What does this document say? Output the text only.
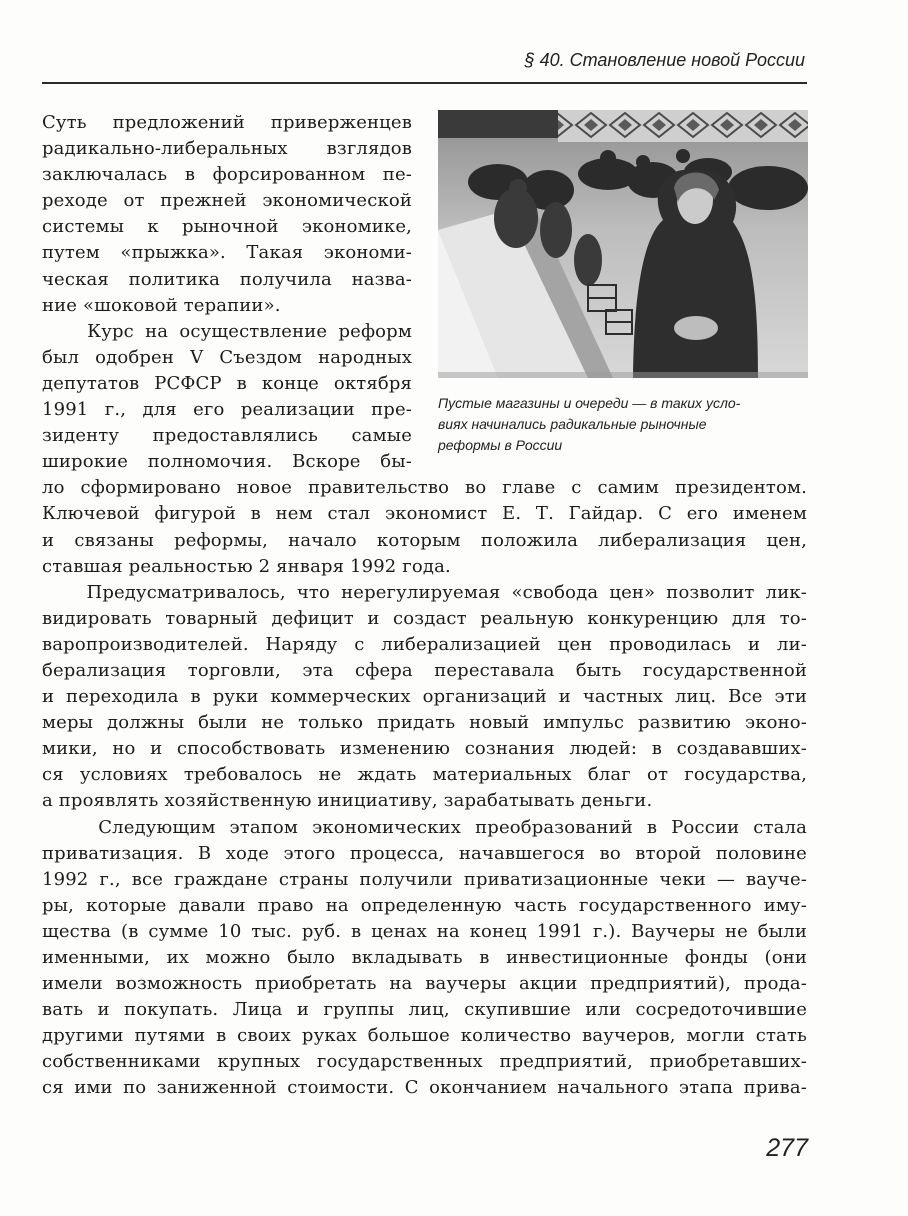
§ 40. Становление новой России
Пустые магазины и очереди — в таких усло-
виях начинались радикальные рыночные
реформы в России
Суть предложений приверженцев
радикально-либеральных взглядов
заключалась в форсированном пе-
реходе от прежней экономической
системы к рыночной экономике,
путем «прыжка». Такая экономи-
ческая политика получила назва-
ние «шоковой терапии».
Курс на осуществление реформ
был одобрен V Съездом народных
депутатов РСФСР в конце октября
1991 г., для его реализации пре-
зиденту предоставлялись самые
широкие полномочия. Вскоре бы-
ло сформировано новое правительство во главе с самим президентом.
Ключевой фигурой в нем стал экономист Е. Т. Гайдар. С его именем
и связаны реформы, начало которым положила либерализация цен,
ставшая реальностью 2 января 1992 года.
Предусматривалось, что нерегулируемая «свобода цен» позволит лик-
видировать товарный дефицит и создаст реальную конкуренцию для то-
варопроизводителей. Наряду с либерализацией цен проводилась и ли-
берализация торговли, эта сфера переставала быть государственной
и переходила в руки коммерческих организаций и частных лиц. Все эти
меры должны были не только придать новый импульс развитию эконо-
мики, но и способствовать изменению сознания людей: в создававших-
ся условиях требовалось не ждать материальных благ от государства,
а проявлять хозяйственную инициативу, зарабатывать деньги.
Следующим этапом экономических преобразований в России стала
приватизация. В ходе этого процесса, начавшегося во второй половине
1992 г., все граждане страны получили приватизационные чеки — вауче-
ры, которые давали право на определенную часть государственного иму-
щества (в сумме 10 тыс. руб. в ценах на конец 1991 г.). Ваучеры не были
именными, их можно было вкладывать в инвестиционные фонды (они
имели возможность приобретать на ваучеры акции предприятий), прода-
вать и покупать. Лица и группы лиц, скупившие или сосредоточившие
другими путями в своих руках большое количество ваучеров, могли стать
собственниками крупных государственных предприятий, приобретавших-
ся ими по заниженной стоимости. С окончанием начального этапа прива-
277
